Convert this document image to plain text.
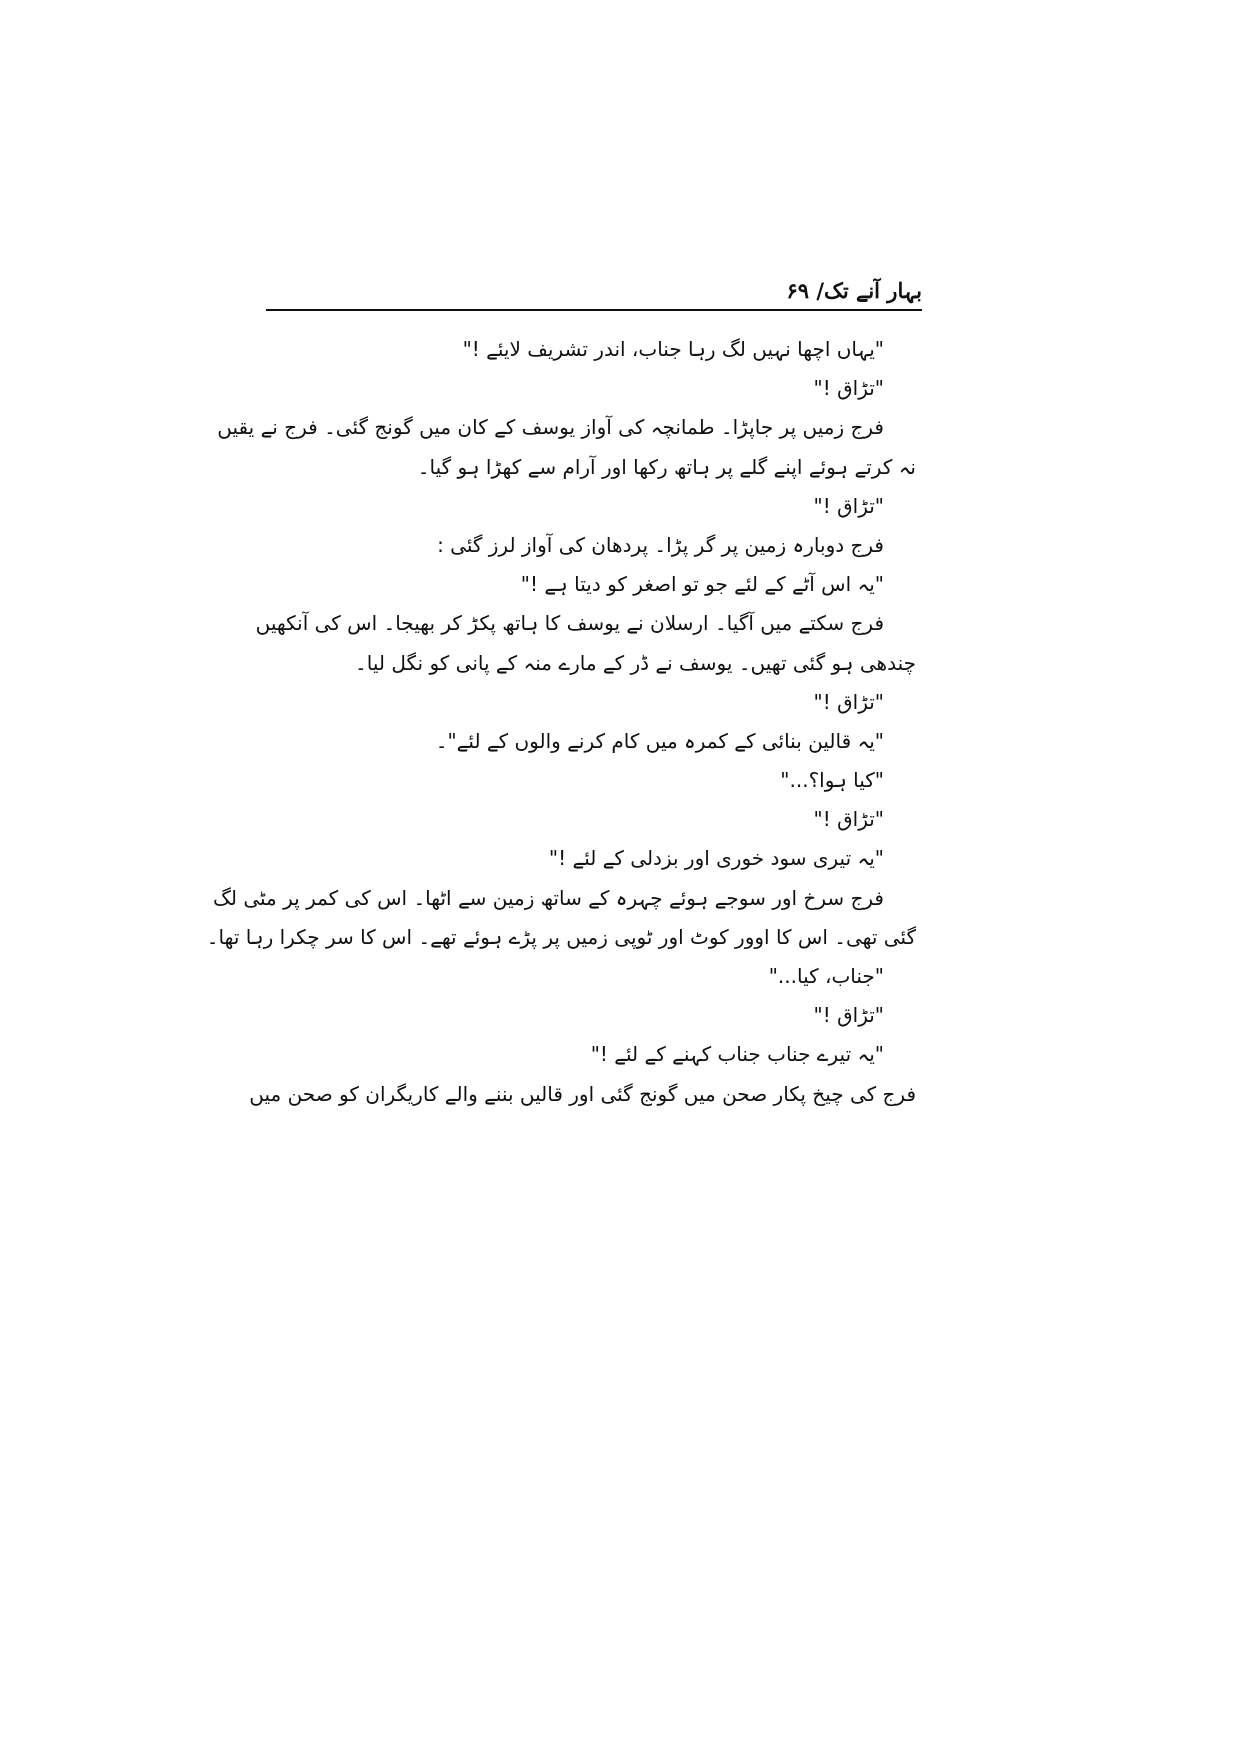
بہار آنے تک/ ۶۹
"یہاں اچھا نہیں لگ رہا جناب، اندر تشریف لایئے !"
"تڑاق !"
فرج زمیں پر جاپڑا۔ طمانچہ کی آواز یوسف کے کان میں گونج گئی۔ فرج نے یقیں
نہ کرتے ہوئے اپنے گلے پر ہاتھ رکھا اور آرام سے کھڑا ہو گیا۔
"تڑاق !"
فرج دوبارہ زمین پر گر پڑا۔ پردھان کی آواز لرز گئی :
"یہ اس آٹے کے لئے جو تو اصغر کو دیتا ہے !"
فرج سکتے میں آگیا۔ ارسلان نے یوسف کا ہاتھ پکڑ کر بھیجا۔ اس کی آنکھیں
چندھی ہو گئی تھیں۔ یوسف نے ڈر کے مارے منہ کے پانی کو نگل لیا۔
"تڑاق !"
"یہ قالین بنائی کے کمرہ میں کام کرنے والوں کے لئے"۔
"کیا ہوا؟..."
"تڑاق !"
"یہ تیری سود خوری اور بزدلی کے لئے !"
فرج سرخ اور سوجے ہوئے چہرہ کے ساتھ زمین سے اٹھا۔ اس کی کمر پر مٹی لگ
گئی تھی۔ اس کا اوور کوٹ اور ٹوپی زمیں پر پڑے ہوئے تھے۔ اس کا سر چکرا رہا تھا۔
"جناب، کیا..."
"تڑاق !"
"یہ تیرے جناب جناب کہنے کے لئے !"
فرج کی چیخ پکار صحن میں گونج گئی اور قالیں بننے والے کاریگران کو صحن میں
